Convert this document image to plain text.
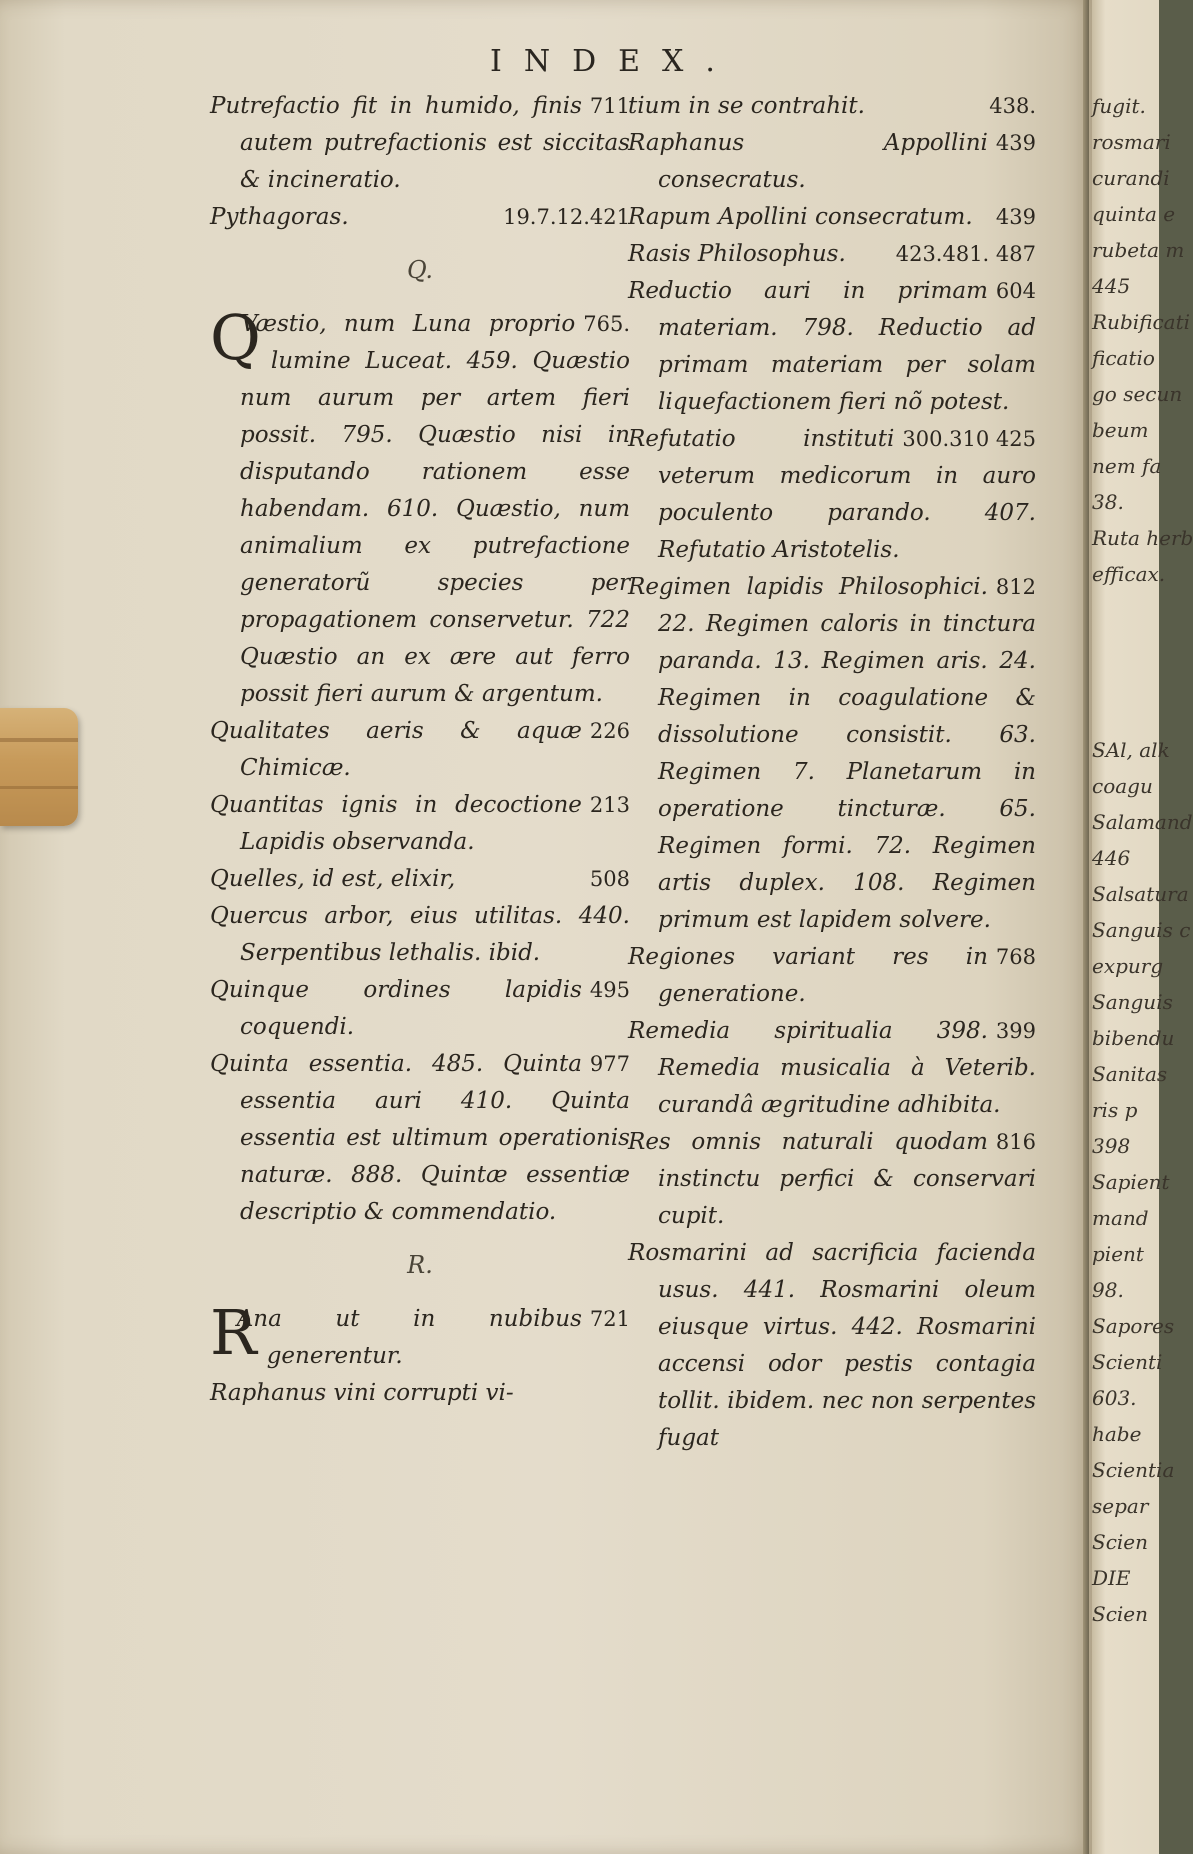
INDEX.

711
Putrefactio fit in humido, finis autem putrefactionis est siccitas & incineratio.

19.7.12.421
Pythagoras.

Q.

Q	765.
Væstio, num Luna proprio lumine Luceat. 459. Quæstio num aurum per artem fieri possit. 795. Quæstio nisi in disputando rationem esse habendam. 610. Quæstio, num animalium ex putrefactione generatorũ species per propagationem conservetur. 722 Quæstio an ex ære aut ferro possit fieri aurum & argentum.

226
Qualitates aeris & aquæ Chimicæ.

213
Quantitas ignis in decoctione Lapidis observanda.

508
Quelles, id est, elixir,

Quercus arbor, eius utilitas. 440. Serpentibus lethalis. ibid.

495
Quinque ordines lapidis coquendi.

977
Quinta essentia. 485. Quinta essentia auri 410. Quinta essentia est ultimum operationis naturæ. 888. Quintæ essentiæ descriptio & commendatio.

R.

R	721
Ana ut in nubibus generentur.

Raphanus vini corrupti vi-

438.
tium in se contrahit.

439
Raphanus Appollini consecratus.

439
Rapum Apollini consecratum.

423.481. 487
Rasis Philosophus.

604
Reductio auri in primam materiam. 798. Reductio ad primam materiam per solam liquefactionem fieri nõ potest.

300.310 425
Refutatio instituti veterum medicorum in auro poculento parando. 407. Refutatio Aristotelis.

812
Regimen lapidis Philosophici. 22. Regimen caloris in tinctura paranda. 13. Regimen aris. 24. Regimen in coagulatione & dissolutione consistit. 63. Regimen 7. Planetarum in operatione tincturæ. 65. Regimen formi. 72. Regimen artis duplex. 108. Regimen primum est lapidem solvere.

768
Regiones variant res in generatione.

399
Remedia spiritualia 398. Remedia musicalia à Veterib. curandâ ægritudine adhibita.

816
Res omnis naturali quodam instinctu perfici & conservari cupit.

Rosmarini ad sacrificia facienda usus. 441. Rosmarini oleum eiusque virtus. 442. Rosmarini accensi odor pestis contagia tollit. ibidem. nec non serpentes fugat

fugit.
rosmari
curandi
quinta e
rubeta m
445
Rubificati
ficatio
go secun
beum
nem fa
38.
Ruta herb
efficax.
SAl, alk
coagu
Salamand
446
Salsatura
Sanguis c
expurg
Sanguis
bibendu
Sanitas
ris p
398
Sapient
mand
pient
98.
Sapores
Scienti
603.
habe
Scientia
separ
Scien
DIE
Scien
